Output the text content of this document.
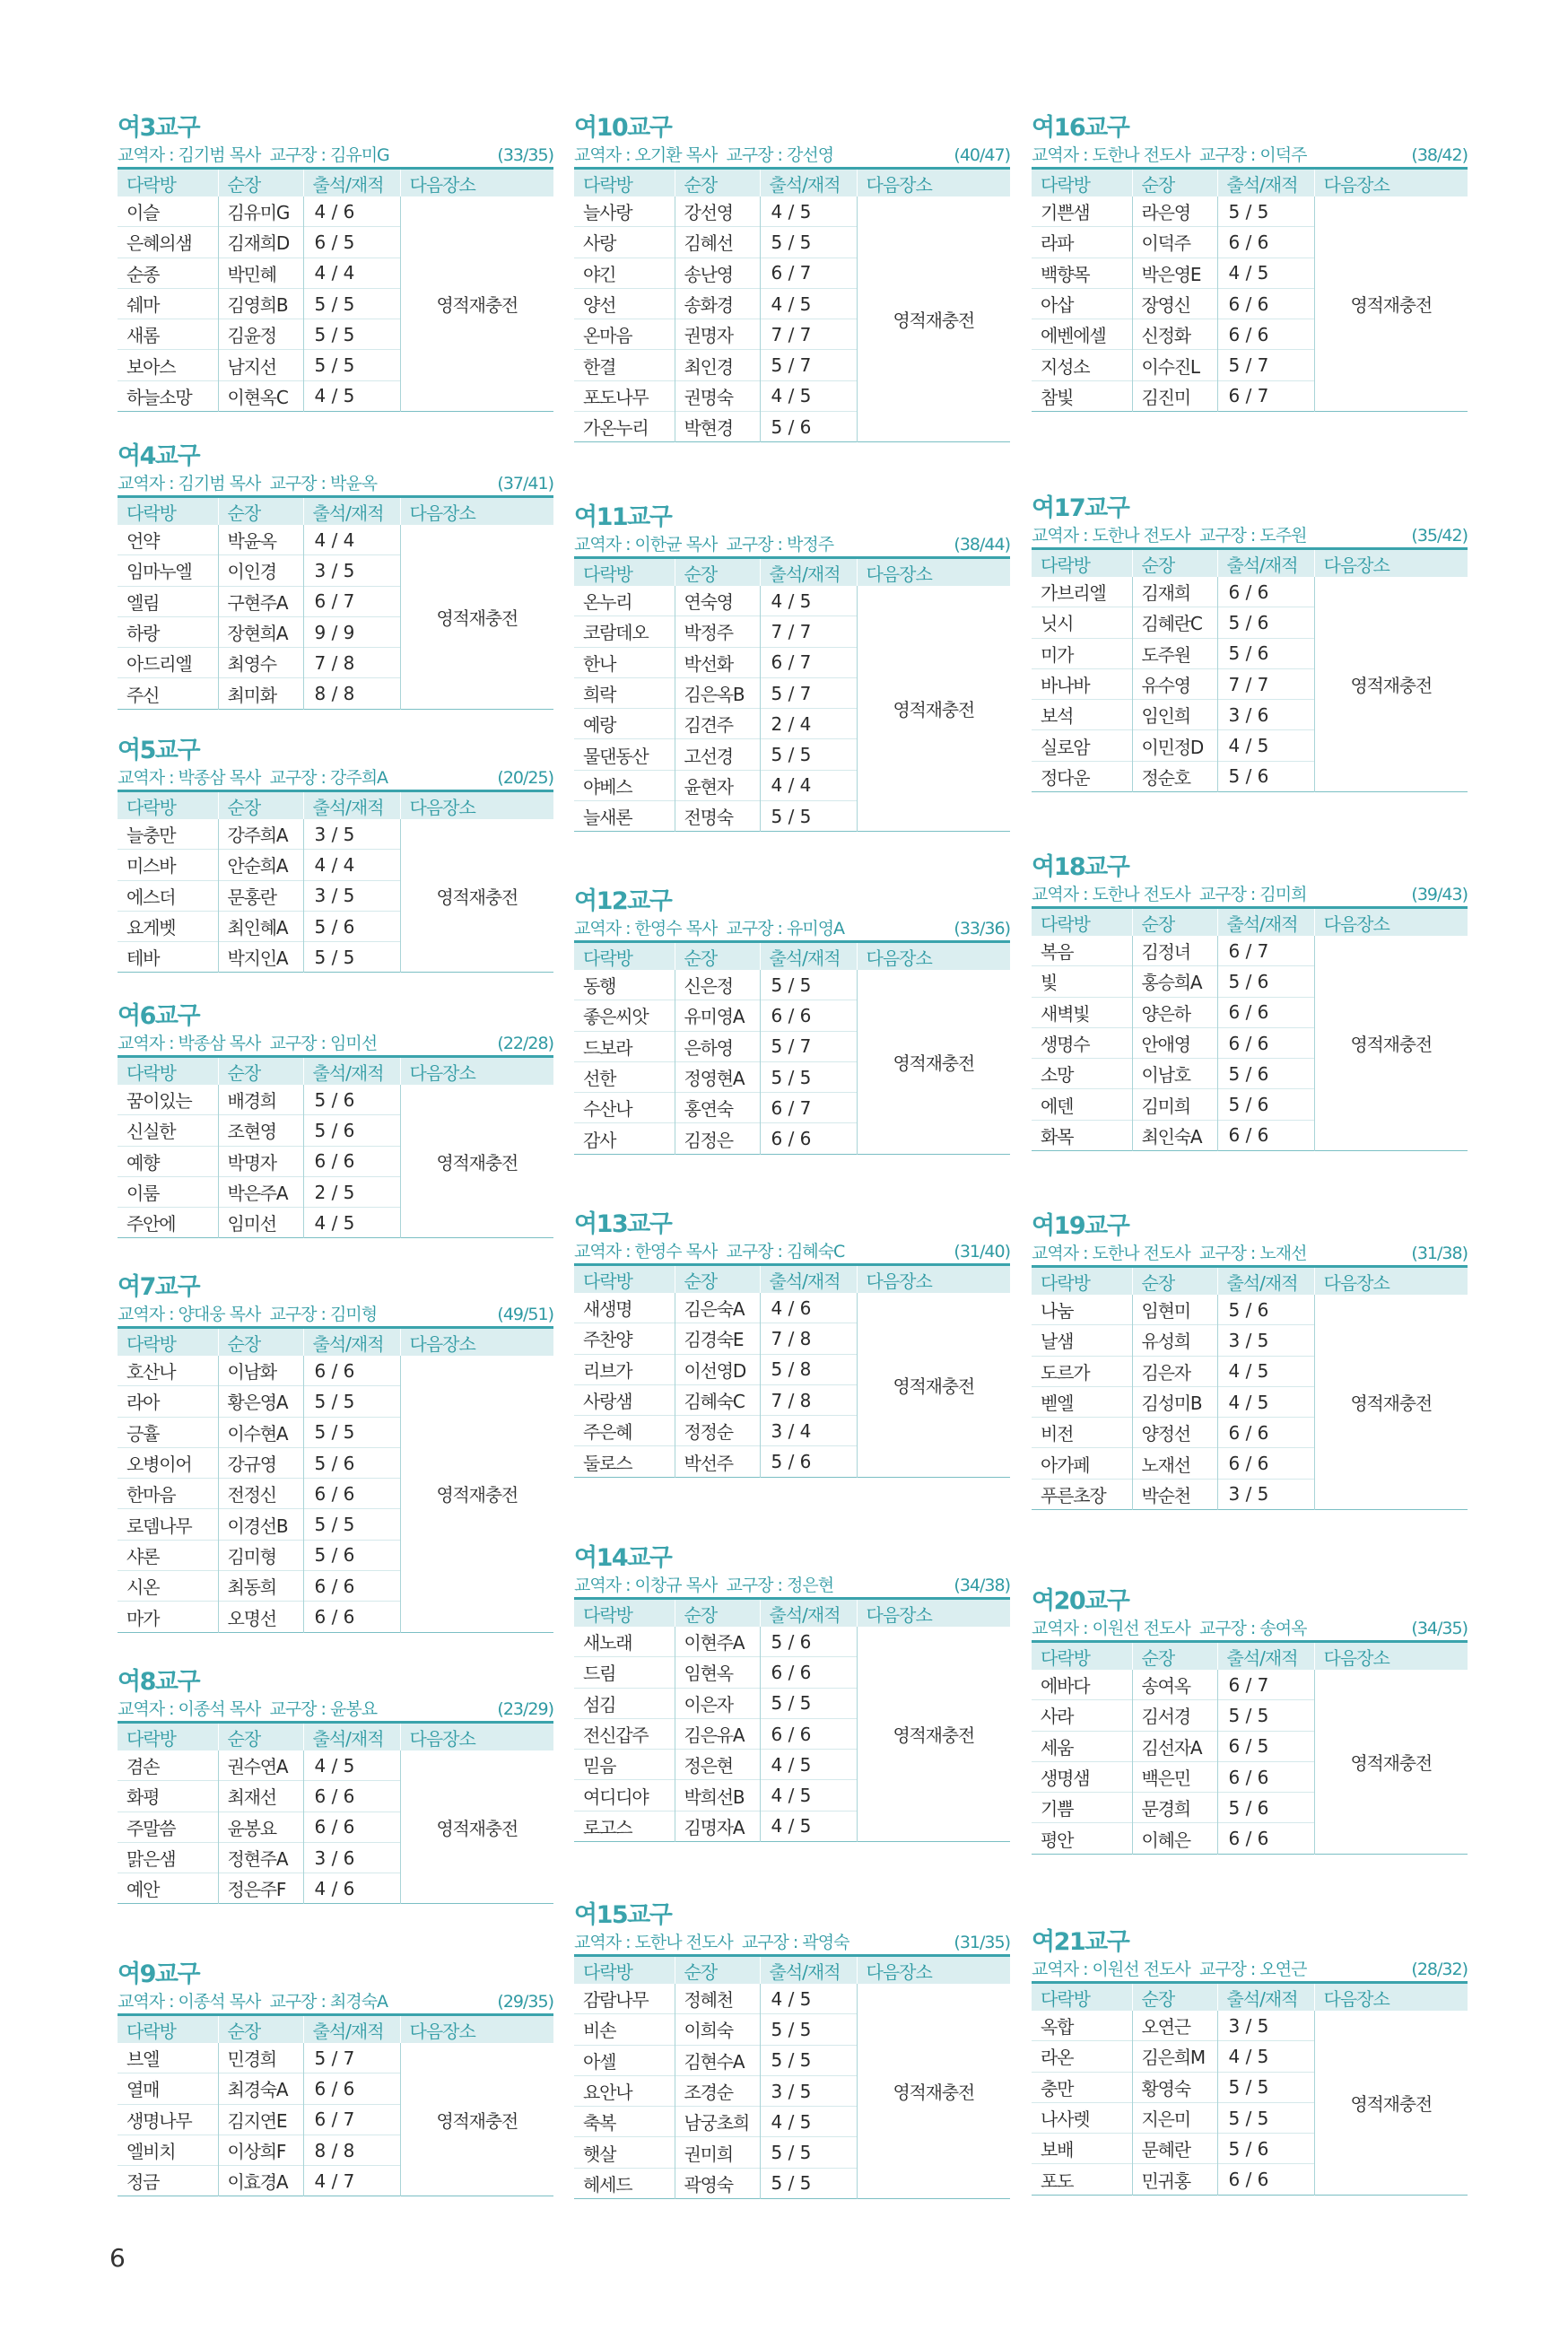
여3교구
교역자 : 김기범 목사 교구장 : 김유미G	(33/35)
다락방	순장	출석/재적	다음장소
이슬	김유미G	4 / 6	영적재충전
은혜의샘	김재희D	6 / 5	
순종	박민혜	4 / 4	
쉐마	김영희B	5 / 5	
새롬	김윤정	5 / 5	
보아스	남지선	5 / 5	
하늘소망	이현옥C	4 / 5	
여4교구
교역자 : 김기범 목사 교구장 : 박윤옥	(37/41)
다락방	순장	출석/재적	다음장소
언약	박윤옥	4 / 4	영적재충전
임마누엘	이인경	3 / 5	
엘림	구현주A	6 / 7	
하랑	장현희A	9 / 9	
아드리엘	최영수	7 / 8	
주신	최미화	8 / 8	
여5교구
교역자 : 박종삼 목사 교구장 : 강주희A	(20/25)
다락방	순장	출석/재적	다음장소
늘충만	강주희A	3 / 5	영적재충전
미스바	안순희A	4 / 4	
에스더	문홍란	3 / 5	
요게벳	최인혜A	5 / 6	
테바	박지인A	5 / 5	
여6교구
교역자 : 박종삼 목사 교구장 : 임미선	(22/28)
다락방	순장	출석/재적	다음장소
꿈이있는	배경희	5 / 6	영적재충전
신실한	조현영	5 / 6	
예향	박명자	6 / 6	
이룸	박은주A	2 / 5	
주안에	임미선	4 / 5	
여7교구
교역자 : 양대웅 목사 교구장 : 김미형	(49/51)
다락방	순장	출석/재적	다음장소
호산나	이남화	6 / 6	영적재충전
라아	황은영A	5 / 5	
긍휼	이수현A	5 / 5	
오병이어	강규영	5 / 6	
한마음	전정신	6 / 6	
로뎀나무	이경선B	5 / 5	
샤론	김미형	5 / 6	
시온	최동희	6 / 6	
마가	오명선	6 / 6	
여8교구
교역자 : 이종석 목사 교구장 : 윤봉요	(23/29)
다락방	순장	출석/재적	다음장소
겸손	권수연A	4 / 5	영적재충전
화평	최재선	6 / 6	
주말씀	윤봉요	6 / 6	
맑은샘	정현주A	3 / 6	
예안	정은주F	4 / 6	
여9교구
교역자 : 이종석 목사 교구장 : 최경숙A	(29/35)
다락방	순장	출석/재적	다음장소
브엘	민경희	5 / 7	영적재충전
열매	최경숙A	6 / 6	
생명나무	김지연E	6 / 7	
엘비치	이상희F	8 / 8	
정금	이효경A	4 / 7	
여10교구
교역자 : 오기환 목사 교구장 : 강선영	(40/47)
다락방	순장	출석/재적	다음장소
늘사랑	강선영	4 / 5	영적재충전
사랑	김혜선	5 / 5	
야긴	송난영	6 / 7	
양선	송화경	4 / 5	
온마음	권명자	7 / 7	
한결	최인경	5 / 7	
포도나무	권명숙	4 / 5	
가온누리	박현경	5 / 6	
여11교구
교역자 : 이한균 목사 교구장 : 박정주	(38/44)
다락방	순장	출석/재적	다음장소
온누리	연숙영	4 / 5	영적재충전
코람데오	박정주	7 / 7	
한나	박선화	6 / 7	
희락	김은옥B	5 / 7	
예랑	김견주	2 / 4	
물댄동산	고선경	5 / 5	
야베스	윤현자	4 / 4	
늘새론	전명숙	5 / 5	
여12교구
교역자 : 한영수 목사 교구장 : 유미영A	(33/36)
다락방	순장	출석/재적	다음장소
동행	신은정	5 / 5	영적재충전
좋은씨앗	유미영A	6 / 6	
드보라	은하영	5 / 7	
선한	정영현A	5 / 5	
수산나	홍연숙	6 / 7	
감사	김정은	6 / 6	
여13교구
교역자 : 한영수 목사 교구장 : 김혜숙C	(31/40)
다락방	순장	출석/재적	다음장소
새생명	김은숙A	4 / 6	영적재충전
주찬양	김경숙E	7 / 8	
리브가	이선영D	5 / 8	
사랑샘	김혜숙C	7 / 8	
주은혜	정정순	3 / 4	
둘로스	박선주	5 / 6	
여14교구
교역자 : 이창규 목사 교구장 : 정은현	(34/38)
다락방	순장	출석/재적	다음장소
새노래	이현주A	5 / 6	영적재충전
드림	임현옥	6 / 6	
섬김	이은자	5 / 5	
전신갑주	김은유A	6 / 6	
믿음	정은현	4 / 5	
여디디야	박희선B	4 / 5	
로고스	김명자A	4 / 5	
여15교구
교역자 : 도한나 전도사 교구장 : 곽영숙	(31/35)
다락방	순장	출석/재적	다음장소
감람나무	정혜천	4 / 5	영적재충전
비손	이희숙	5 / 5	
아셀	김현수A	5 / 5	
요안나	조경순	3 / 5	
축복	남궁초희	4 / 5	
햇살	권미희	5 / 5	
헤세드	곽영숙	5 / 5	
여16교구
교역자 : 도한나 전도사 교구장 : 이덕주	(38/42)
다락방	순장	출석/재적	다음장소
기쁜샘	라은영	5 / 5	영적재충전
라파	이덕주	6 / 6	
백향목	박은영E	4 / 5	
아삽	장영신	6 / 6	
에벤에셀	신정화	6 / 6	
지성소	이수진L	5 / 7	
참빛	김진미	6 / 7	
여17교구
교역자 : 도한나 전도사 교구장 : 도주원	(35/42)
다락방	순장	출석/재적	다음장소
가브리엘	김재희	6 / 6	영적재충전
닛시	김혜란C	5 / 6	
미가	도주원	5 / 6	
바나바	유수영	7 / 7	
보석	임인희	3 / 6	
실로암	이민정D	4 / 5	
정다운	정순호	5 / 6	
여18교구
교역자 : 도한나 전도사 교구장 : 김미희	(39/43)
다락방	순장	출석/재적	다음장소
복음	김정녀	6 / 7	영적재충전
빛	홍승희A	5 / 6	
새벽빛	양은하	6 / 6	
생명수	안애영	6 / 6	
소망	이남호	5 / 6	
에덴	김미희	5 / 6	
화목	최인숙A	6 / 6	
여19교구
교역자 : 도한나 전도사 교구장 : 노재선	(31/38)
다락방	순장	출석/재적	다음장소
나눔	임현미	5 / 6	영적재충전
날샘	유성희	3 / 5	
도르가	김은자	4 / 5	
벧엘	김성미B	4 / 5	
비전	양정선	6 / 6	
아가페	노재선	6 / 6	
푸른초장	박순천	3 / 5	
여20교구
교역자 : 이원선 전도사 교구장 : 송여옥	(34/35)
다락방	순장	출석/재적	다음장소
에바다	송여옥	6 / 7	영적재충전
사라	김서경	5 / 5	
세움	김선자A	6 / 5	
생명샘	백은민	6 / 6	
기쁨	문경희	5 / 6	
평안	이혜은	6 / 6	
여21교구
교역자 : 이원선 전도사 교구장 : 오연근	(28/32)
다락방	순장	출석/재적	다음장소
옥합	오연근	3 / 5	영적재충전
라온	김은희M	4 / 5	
충만	황영숙	5 / 5	
나사렛	지은미	5 / 5	
보배	문혜란	5 / 6	
포도	민귀홍	6 / 6	
6
